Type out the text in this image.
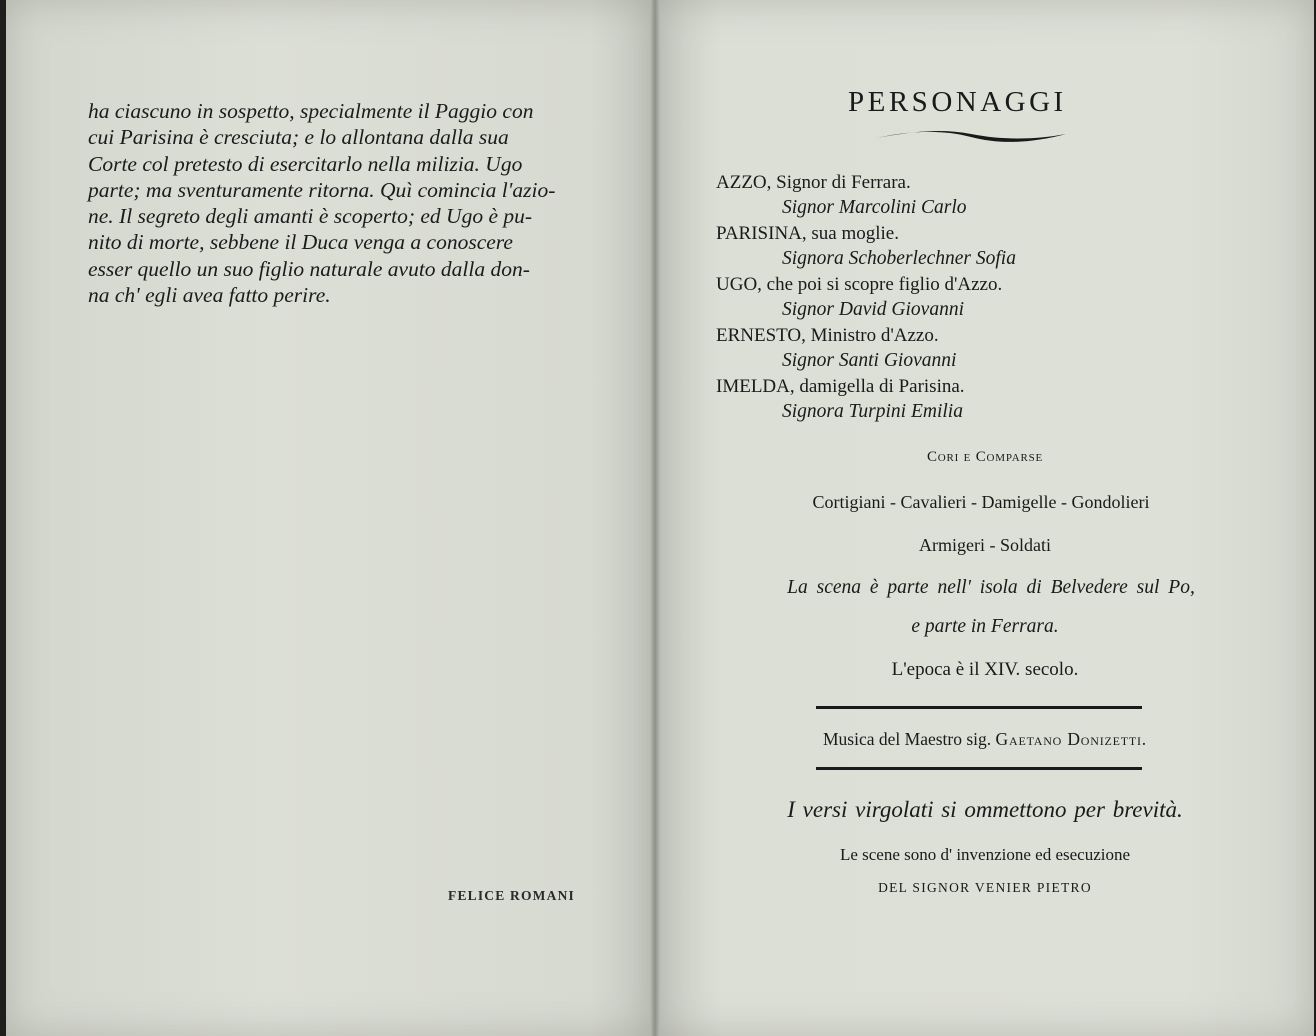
ha ciascuno in sospetto, specialmente il Paggio con
cui Parisina è cresciuta; e lo allontana dalla sua
Corte col pretesto di esercitarlo nella milizia. Ugo
parte; ma sventuramente ritorna. Quì comincia l'azio-
ne. Il segreto degli amanti è scoperto; ed Ugo è pu-
nito di morte, sebbene il Duca venga a conoscere
esser quello un suo figlio naturale avuto dalla don-
na ch' egli avea fatto perire.
FELICE ROMANI
PERSONAGGI
AZZO, Signor di Ferrara.
Signor Marcolini Carlo
PARISINA, sua moglie.
Signora Schoberlechner Sofia
UGO, che poi si scopre figlio d'Azzo.
Signor David Giovanni
ERNESTO, Ministro d'Azzo.
Signor Santi Giovanni
IMELDA, damigella di Parisina.
Signora Turpini Emilia
Cori e Comparse
Cortigiani - Cavalieri - Damigelle - Gondolieri
Armigeri - Soldati
La scena è parte nell' isola di Belvedere sul Po,
e parte in Ferrara.
L'epoca è il XIV. secolo.
Musica del Maestro sig. Gaetano Donizetti.
I versi virgolati si ommettono per brevità.
Le scene sono d' invenzione ed esecuzione
DEL SIGNOR VENIER PIETRO
